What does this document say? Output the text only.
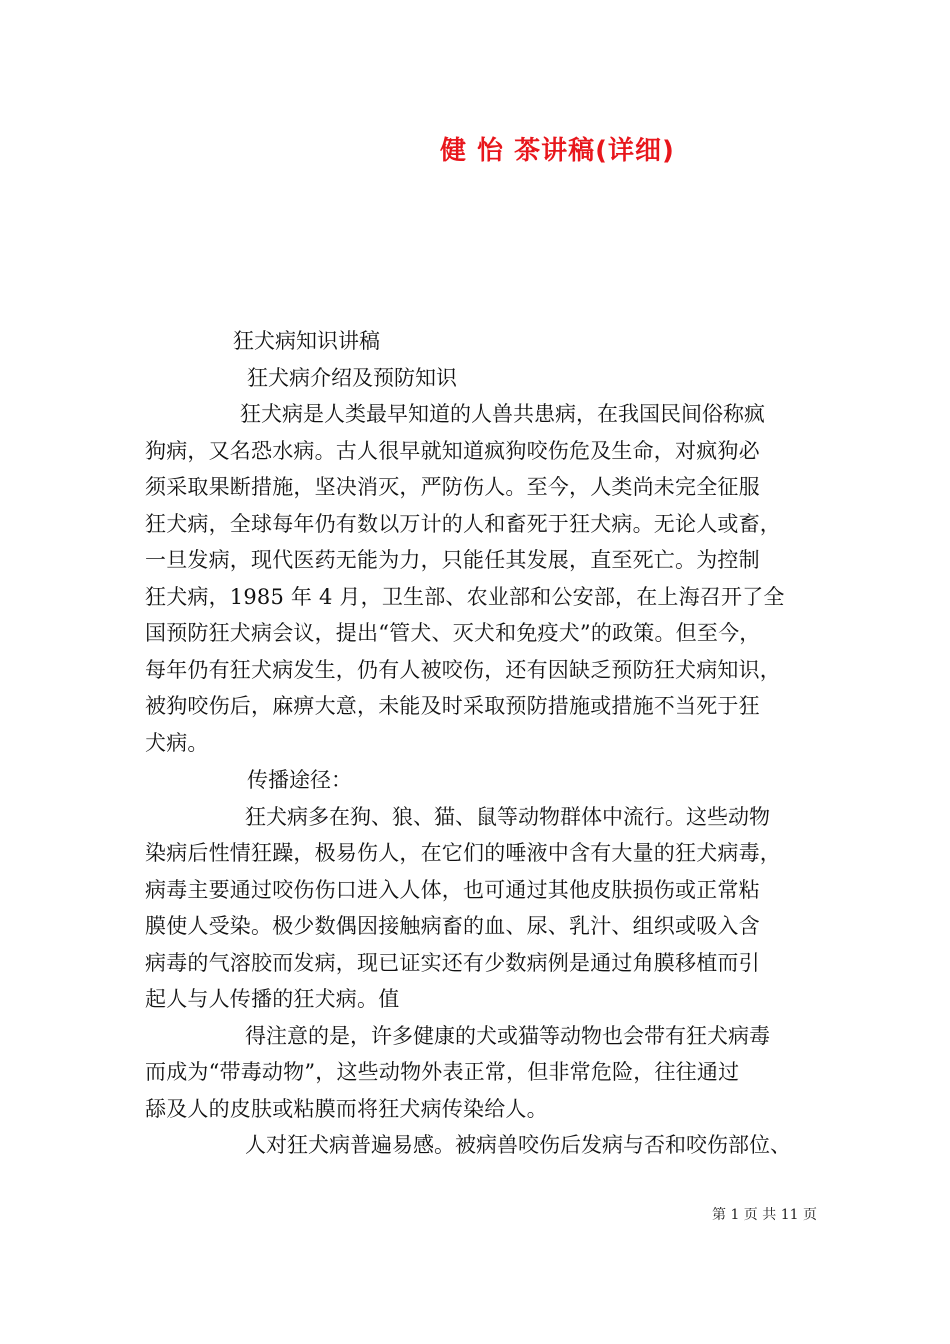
健 怡 茶讲稿(详细)
狂犬病知识讲稿
狂犬病介绍及预防知识
狂犬病是人类最早知道的人兽共患病，在我国民间俗称疯
狗病，又名恐水病。古人很早就知道疯狗咬伤危及生命，对疯狗必
须采取果断措施，坚决消灭，严防伤人。至今，人类尚未完全征服
狂犬病，全球每年仍有数以万计的人和畜死于狂犬病。无论人或畜，
一旦发病，现代医药无能为力，只能任其发展，直至死亡。为控制
狂犬病，1985 年 4 月，卫生部、农业部和公安部，在上海召开了全
国预防狂犬病会议，提出“管犬、灭犬和免疫犬”的政策。但至今，
每年仍有狂犬病发生，仍有人被咬伤，还有因缺乏预防狂犬病知识，
被狗咬伤后，麻痹大意，未能及时采取预防措施或措施不当死于狂
犬病。
传播途径：
狂犬病多在狗、狼、猫、鼠等动物群体中流行。这些动物
染病后性情狂躁，极易伤人，在它们的唾液中含有大量的狂犬病毒，
病毒主要通过咬伤伤口进入人体，也可通过其他皮肤损伤或正常粘
膜使人受染。极少数偶因接触病畜的血、尿、乳汁、组织或吸入含
病毒的气溶胶而发病，现已证实还有少数病例是通过角膜移植而引
起人与人传播的狂犬病。值
得注意的是，许多健康的犬或猫等动物也会带有狂犬病毒
而成为“带毒动物”，这些动物外表正常，但非常危险，往往通过
舔及人的皮肤或粘膜而将狂犬病传染给人。
人对狂犬病普遍易感。被病兽咬伤后发病与否和咬伤部位、
第 1 页 共 11 页
